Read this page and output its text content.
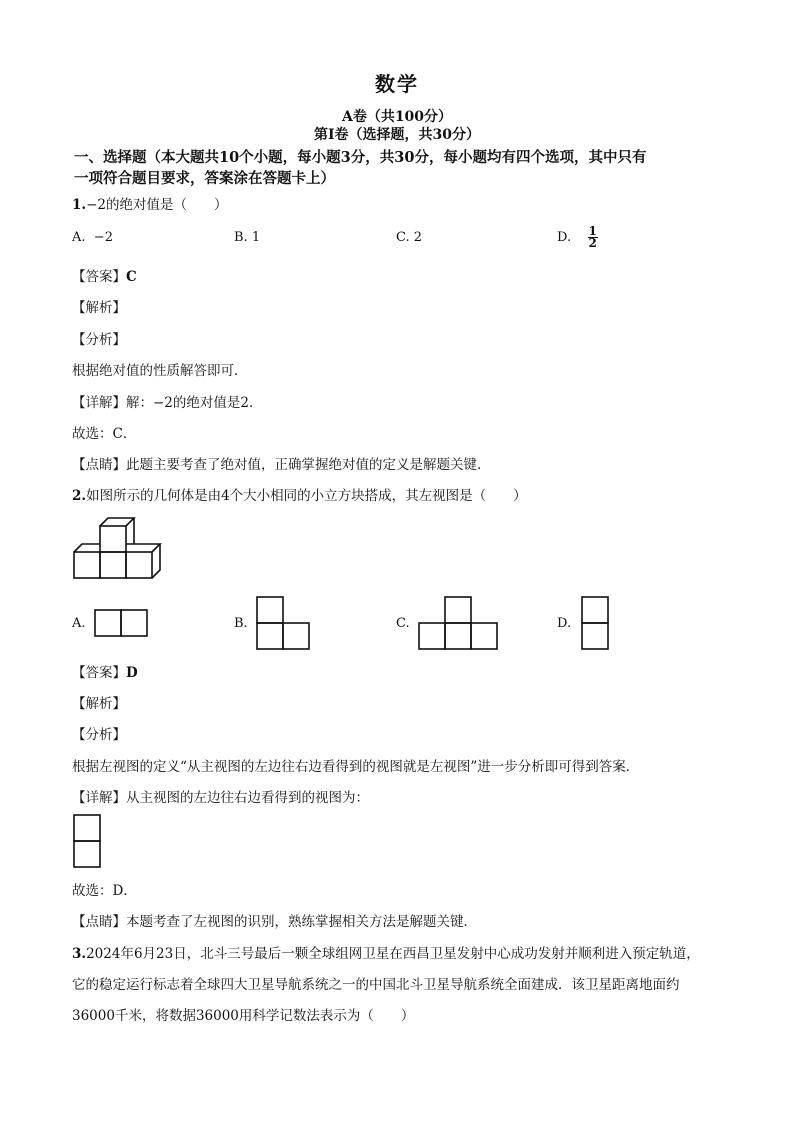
数学
A卷（共100分）
第Ⅰ卷（选择题，共30分）
一、选择题（本大题共10个小题，每小题3分，共30分，每小题均有四个选项，其中只有
一项符合题目要求，答案涂在答题卡上）
1.−2的绝对值是（　　）
A. −2	B. 1	C. 2	D. $\frac{1}{2}$
【答案】C
【解析】
【分析】
根据绝对值的性质解答即可．
【详解】解：−2的绝对值是2．
故选：C．
【点睛】此题主要考查了绝对值，正确掌握绝对值的定义是解题关键．
2.如图所示的几何体是由4个大小相同的小立方块搭成，其左视图是（　　）
A.	B.	C.	D.
【答案】D
【解析】
【分析】
根据左视图的定义“从主视图的左边往右边看得到的视图就是左视图”进一步分析即可得到答案．
【详解】从主视图的左边往右边看得到的视图为：
故选：D．
【点睛】本题考查了左视图的识别，熟练掌握相关方法是解题关键．
3.2024年6月23日，北斗三号最后一颗全球组网卫星在西昌卫星发射中心成功发射并顺利进入预定轨道，
它的稳定运行标志着全球四大卫星导航系统之一的中国北斗卫星导航系统全面建成．该卫星距离地面约
36000千米，将数据36000用科学记数法表示为（　　）
